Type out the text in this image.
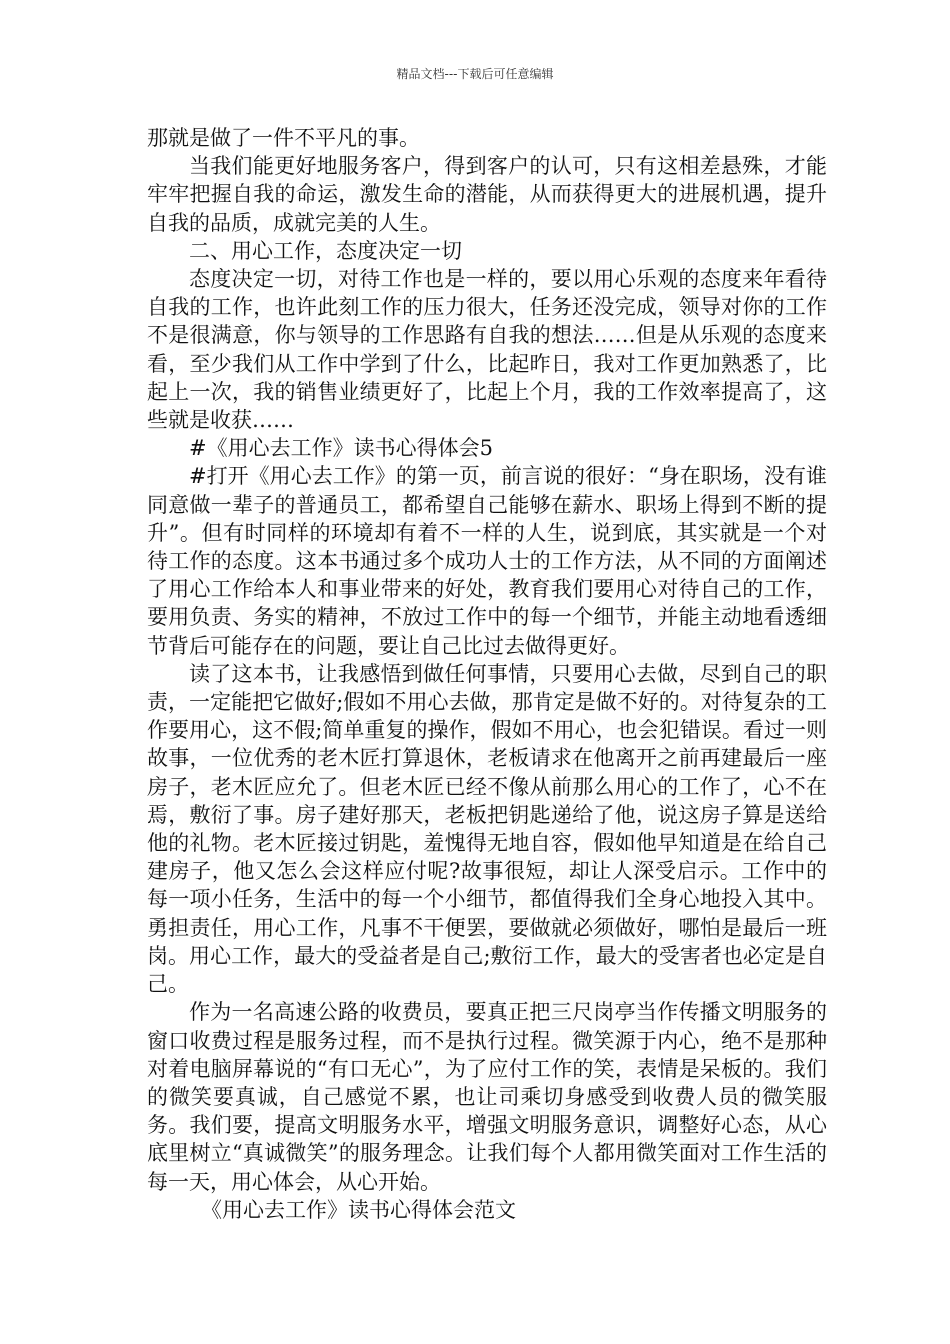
精品文档---下载后可任意编辑

那就是做了一件不平凡的事。

当我们能更好地服务客户，得到客户的认可，只有这相差悬殊，才能牢牢把握自我的命运，激发生命的潜能，从而获得更大的进展机遇，提升自我的品质，成就完美的人生。

二、用心工作，态度决定一切

态度决定一切，对待工作也是一样的，要以用心乐观的态度来年看待自我的工作，也许此刻工作的压力很大，任务还没完成，领导对你的工作不是很满意，你与领导的工作思路有自我的想法……但是从乐观的态度来看，至少我们从工作中学到了什么，比起昨日，我对工作更加熟悉了，比起上一次，我的销售业绩更好了，比起上个月，我的工作效率提高了，这些就是收获……

#《用心去工作》读书心得体会5

#打开《用心去工作》的第一页，前言说的很好：“身在职场，没有谁同意做一辈子的普通员工，都希望自己能够在薪水、职场上得到不断的提升”。但有时同样的环境却有着不一样的人生，说到底，其实就是一个对待工作的态度。这本书通过多个成功人士的工作方法，从不同的方面阐述了用心工作给本人和事业带来的好处，教育我们要用心对待自己的工作，要用负责、务实的精神，不放过工作中的每一个细节，并能主动地看透细节背后可能存在的问题，要让自己比过去做得更好。

读了这本书，让我感悟到做任何事情，只要用心去做，尽到自己的职责，一定能把它做好;假如不用心去做，那肯定是做不好的。对待复杂的工作要用心，这不假;简单重复的操作，假如不用心，也会犯错误。看过一则故事，一位优秀的老木匠打算退休，老板请求在他离开之前再建最后一座房子，老木匠应允了。但老木匠已经不像从前那么用心的工作了，心不在焉，敷衍了事。房子建好那天，老板把钥匙递给了他，说这房子算是送给他的礼物。老木匠接过钥匙，羞愧得无地自容，假如他早知道是在给自己建房子，他又怎么会这样应付呢?故事很短，却让人深受启示。工作中的每一项小任务，生活中的每一个小细节，都值得我们全身心地投入其中。勇担责任，用心工作，凡事不干便罢，要做就必须做好，哪怕是最后一班岗。用心工作，最大的受益者是自己;敷衍工作，最大的受害者也必定是自己。

作为一名高速公路的收费员，要真正把三尺岗亭当作传播文明服务的窗口收费过程是服务过程，而不是执行过程。微笑源于内心，绝不是那种对着电脑屏幕说的“有口无心”，为了应付工作的笑，表情是呆板的。我们的微笑要真诚，自己感觉不累，也让司乘切身感受到收费人员的微笑服务。我们要，提高文明服务水平，增强文明服务意识，调整好心态，从心底里树立“真诚微笑”的服务理念。让我们每个人都用微笑面对工作生活的每一天，用心体会，从心开始。

《用心去工作》读书心得体会范文
